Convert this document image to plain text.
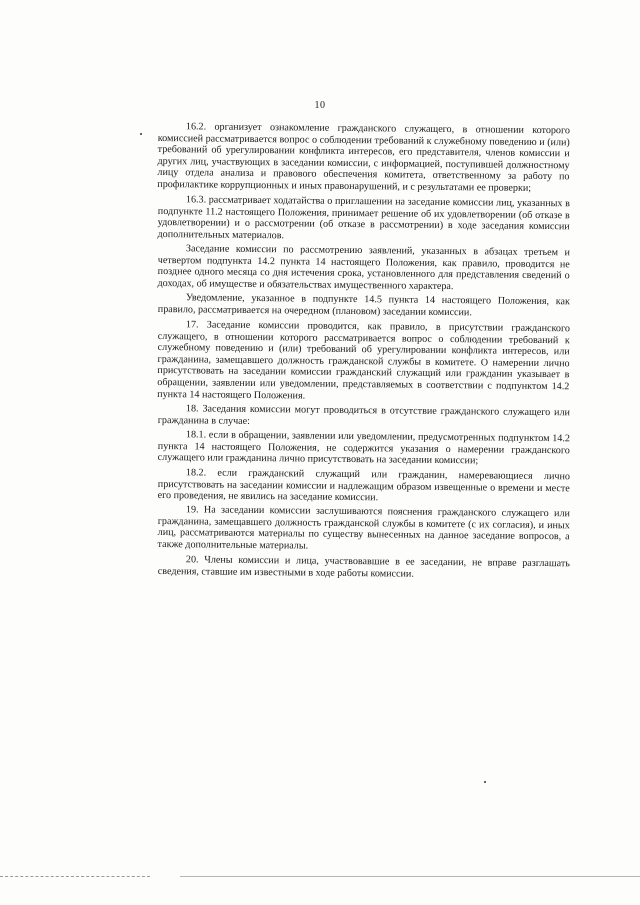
10

16.2. организует ознакомление гражданского служащего, в отношении которого комиссией рассматривается вопрос о соблюдении требований к служебному поведению и (или) требований об урегулировании конфликта интересов, его представителя, членов комиссии и других лиц, участвующих в заседании комиссии, с информацией, поступившей должностному лицу отдела анализа и правового обеспечения комитета, ответственному за работу по профилактике коррупционных и иных правонарушений, и с результатами ее проверки;

16.3. рассматривает ходатайства о приглашении на заседание комиссии лиц, указанных в подпункте 11.2 настоящего Положения, принимает решение об их удовлетворении (об отказе в удовлетворении) и о рассмотрении (об отказе в рассмотрении) в ходе заседания комиссии дополнительных материалов.

Заседание комиссии по рассмотрению заявлений, указанных в абзацах третьем и четвертом подпункта 14.2 пункта 14 настоящего Положения, как правило, проводится не позднее одного месяца со дня истечения срока, установленного для представления сведений о доходах, об имуществе и обязательствах имущественного характера.

Уведомление, указанное в подпункте 14.5 пункта 14 настоящего Положения, как правило, рассматривается на очередном (плановом) заседании комиссии.

17. Заседание комиссии проводится, как правило, в присутствии гражданского служащего, в отношении которого рассматривается вопрос о соблюдении требований к служебному поведению и (или) требований об урегулировании конфликта интересов, или гражданина, замещавшего должность гражданской службы в комитете. О намерении лично присутствовать на заседании комиссии гражданский служащий или гражданин указывает в обращении, заявлении или уведомлении, представляемых в соответствии с подпунктом 14.2 пункта 14 настоящего Положения.

18. Заседания комиссии могут проводиться в отсутствие гражданского служащего или гражданина в случае:

18.1. если в обращении, заявлении или уведомлении, предусмотренных подпунктом 14.2 пункта 14 настоящего Положения, не содержится указания о намерении гражданского служащего или гражданина лично присутствовать на заседании комиссии;

18.2. если гражданский служащий или гражданин, намеревающиеся лично присутствовать на заседании комиссии и надлежащим образом извещенные о времени и месте его проведения, не явились на заседание комиссии.

19. На заседании комиссии заслушиваются пояснения гражданского служащего или гражданина, замещавшего должность гражданской службы в комитете (с их согласия), и иных лиц, рассматриваются материалы по существу вынесенных на данное заседание вопросов, а также дополнительные материалы.

20. Члены комиссии и лица, участвовавшие в ее заседании, не вправе разглашать сведения, ставшие им известными в ходе работы комиссии.
